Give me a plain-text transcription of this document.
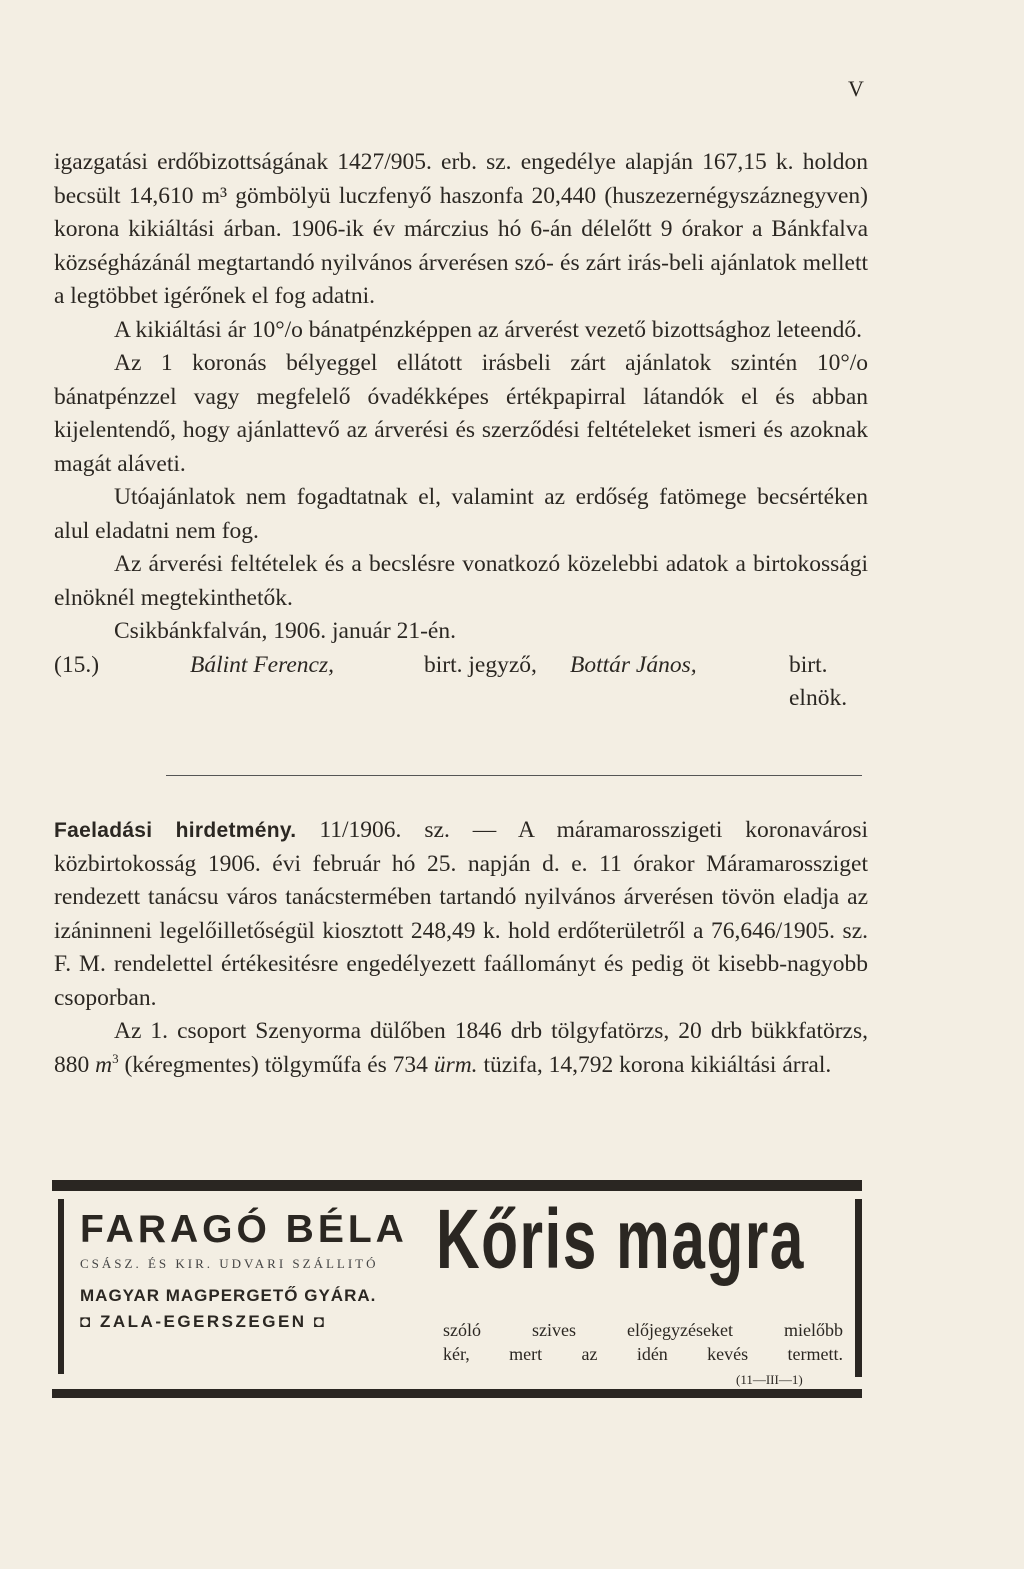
V

igazgatási erdőbizottságának 1427/905. erb. sz. engedélye alapján 167,15 k. holdon becsült 14,610 m³ gömbölyü luczfenyő haszonfa 20,440 (huszezernégyszáznegyven) korona kikiáltási árban. 1906-ik év márczius hó 6-án délelőtt 9 órakor a Bánkfalva községházánál megtartandó nyilvános árverésen szó- és zárt irás-beli ajánlatok mellett a legtöbbet igérőnek el fog adatni.

A kikiáltási ár 10°/o bánatpénzképpen az árverést vezető bizottsághoz leteendő.

Az 1 koronás bélyeggel ellátott irásbeli zárt ajánlatok szintén 10°/o bánatpénzzel vagy megfelelő óvadékképes értékpapirral látandók el és abban kijelentendő, hogy ajánlattevő az árverési és szerződési feltételeket ismeri és azoknak magát aláveti.

Utóajánlatok nem fogadtatnak el, valamint az erdőség fatömege becsértéken alul eladatni nem fog.

Az árverési feltételek és a becslésre vonatkozó közelebbi adatok a birtokossági elnöknél megtekinthetők.

Csikbánkfalván, 1906. január 21-én.

(15.)	Bálint Ferencz,	birt. jegyző, Bottár János,	birt. elnök.

Faeladási hirdetmény. 11/1906. sz. — A máramarosszigeti koronavárosi közbirtokosság 1906. évi február hó 25. napján d. e. 11 órakor Máramarossziget rendezett tanácsu város tanácstermében tartandó nyilvános árverésen tövön eladja az izáninneni legelőilletőségül kiosztott 248,49 k. hold erdőterületről a 76,646/1905. sz. F. M. rendelettel értékesitésre engedélyezett faállományt és pedig öt kisebb-nagyobb csoporban.

Az 1. csoport Szenyorma dülőben 1846 drb tölgyfatörzs, 20 drb bükkfatörzs, 880 $m^3$ (kéregmentes) tölgyműfa és 734 ürm. tüzifa, 14,792 korona kikiáltási árral.

FARAGÓ BÉLA
CSÁSZ. ÉS KIR. UDVARI SZÁLLITÓ
MAGYAR MAGPERGETŐ GYÁRA.
◘ ZALA-EGERSZEGEN ◘
Kőris magra
szóló szives előjegyzéseket mielőbb
kér, mert az idén kevés termett.
(11—III—1)
